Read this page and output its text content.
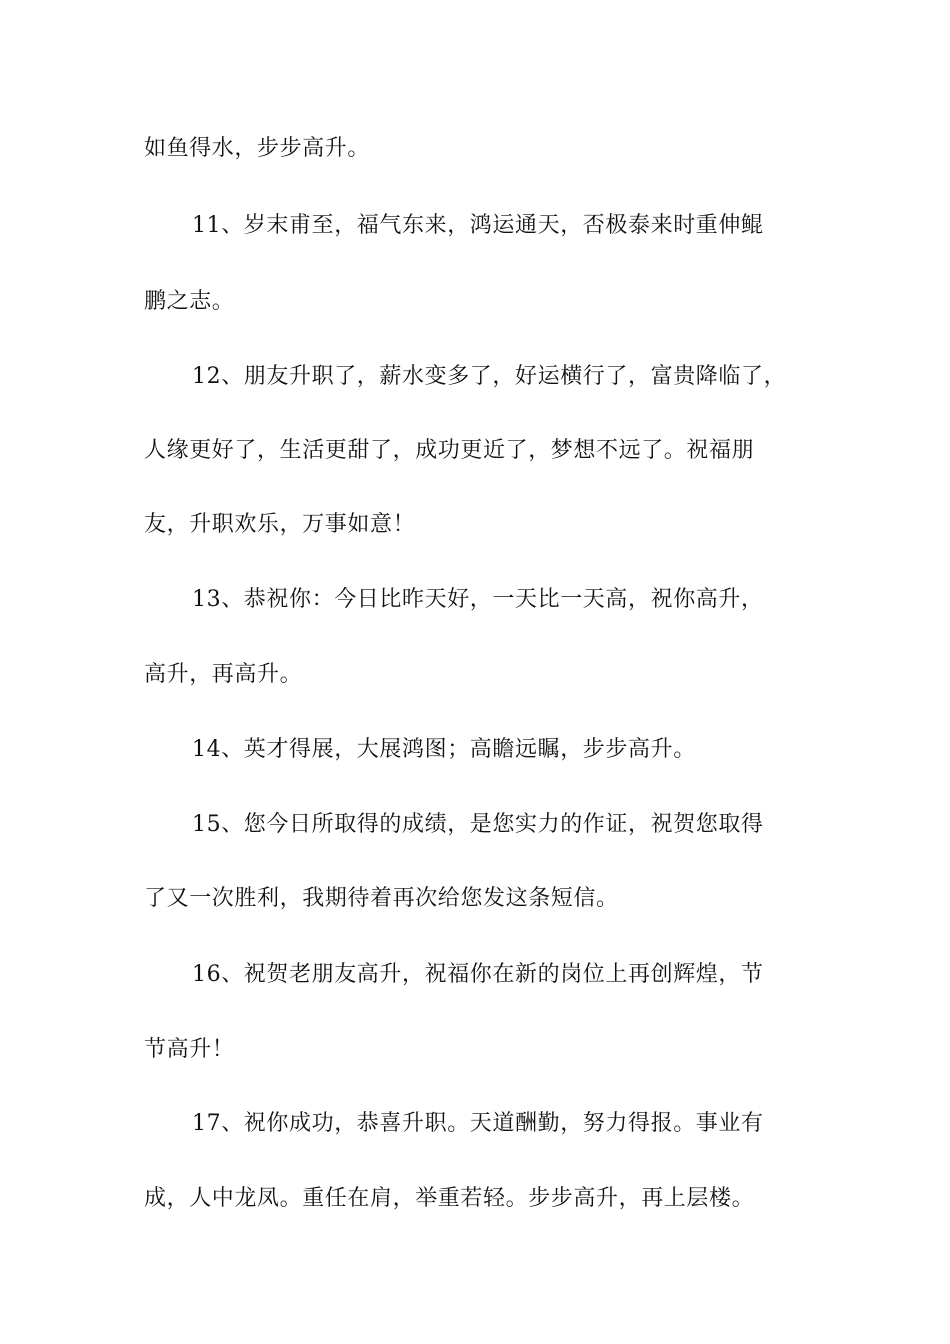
如鱼得水，步步高升。
11、岁末甫至，福气东来，鸿运通天，否极泰来时重伸鲲
鹏之志。
12、朋友升职了，薪水变多了，好运横行了，富贵降临了，
人缘更好了，生活更甜了，成功更近了，梦想不远了。祝福朋
友，升职欢乐，万事如意！
13、恭祝你：今日比昨天好，一天比一天高，祝你高升，
高升，再高升。
14、英才得展，大展鸿图；高瞻远瞩，步步高升。
15、您今日所取得的成绩，是您实力的作证，祝贺您取得
了又一次胜利，我期待着再次给您发这条短信。
16、祝贺老朋友高升，祝福你在新的岗位上再创辉煌，节
节高升！
17、祝你成功，恭喜升职。天道酬勤，努力得报。事业有
成，人中龙凤。重任在肩，举重若轻。步步高升，再上层楼。
